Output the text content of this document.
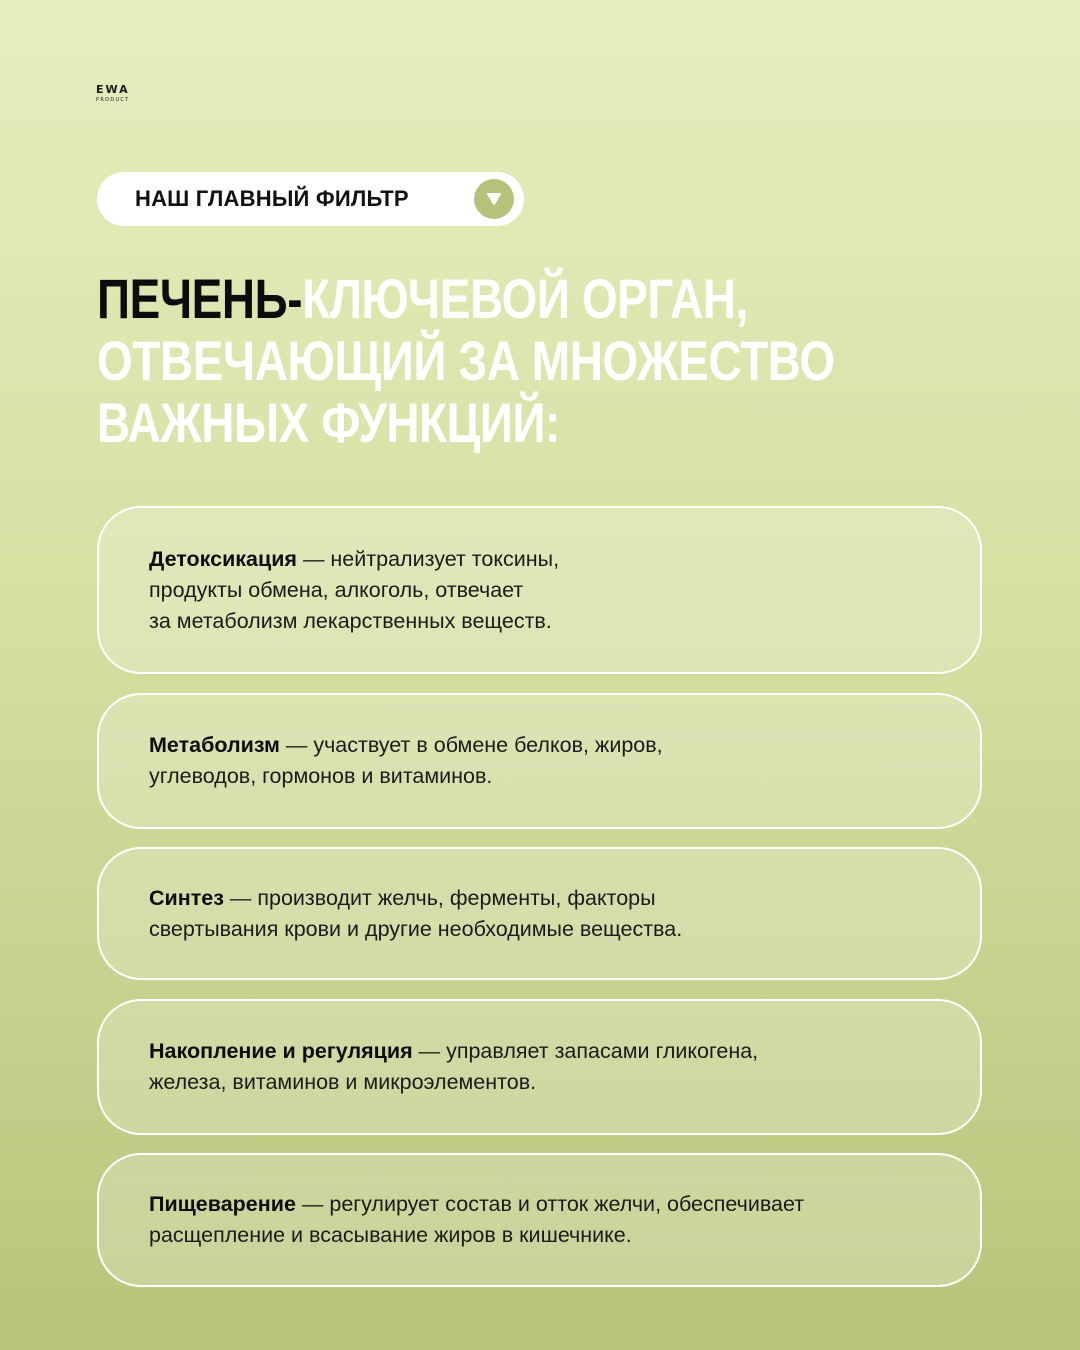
EWA
PRODUCT
НАШ ГЛАВНЫЙ ФИЛЬТР
ПЕЧЕНЬ-КЛЮЧЕВОЙ ОРГАН,
ОТВЕЧАЮЩИЙ ЗА МНОЖЕСТВО
ВАЖНЫХ ФУНКЦИЙ:

Детоксикация — нейтрализует токсины,
продукты обмена, алкоголь, отвечает
за метаболизм лекарственных веществ.

Метаболизм — участвует в обмене белков, жиров,
углеводов, гормонов и витаминов.

Синтез — производит желчь, ферменты, факторы
свертывания крови и другие необходимые вещества.

Накопление и регуляция — управляет запасами гликогена,
железа, витаминов и микроэлементов.

Пищеварение — регулирует состав и отток желчи, обеспечивает
расщепление и всасывание жиров в кишечнике.
